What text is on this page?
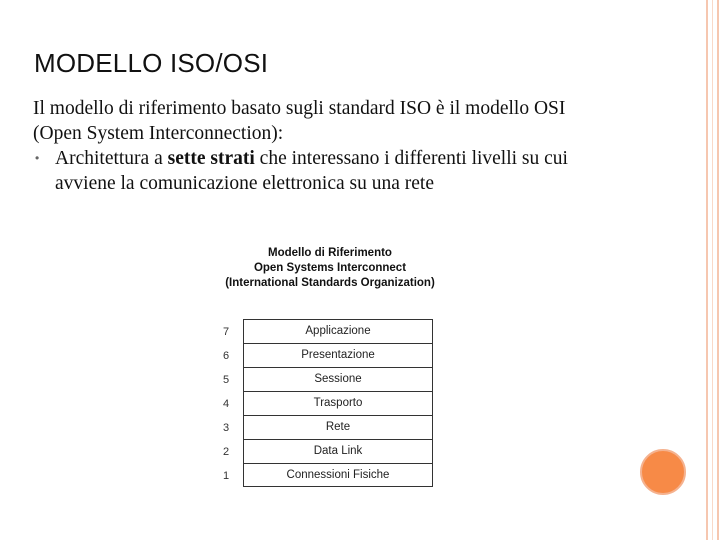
MODELLO ISO/OSI
Il modello di riferimento basato sugli standard ISO è il modello OSI
(Open System Interconnection):
• Architettura a sette strati che interessano i differenti livelli su cui
avviene la comunicazione elettronica su una rete
Modello di Riferimento
Open Systems Interconnect
(International Standards Organization)
Applicazione
Presentazione
Sessione
Trasporto
Rete
Data Link
Connessioni Fisiche
7
6
5
4
3
2
1
